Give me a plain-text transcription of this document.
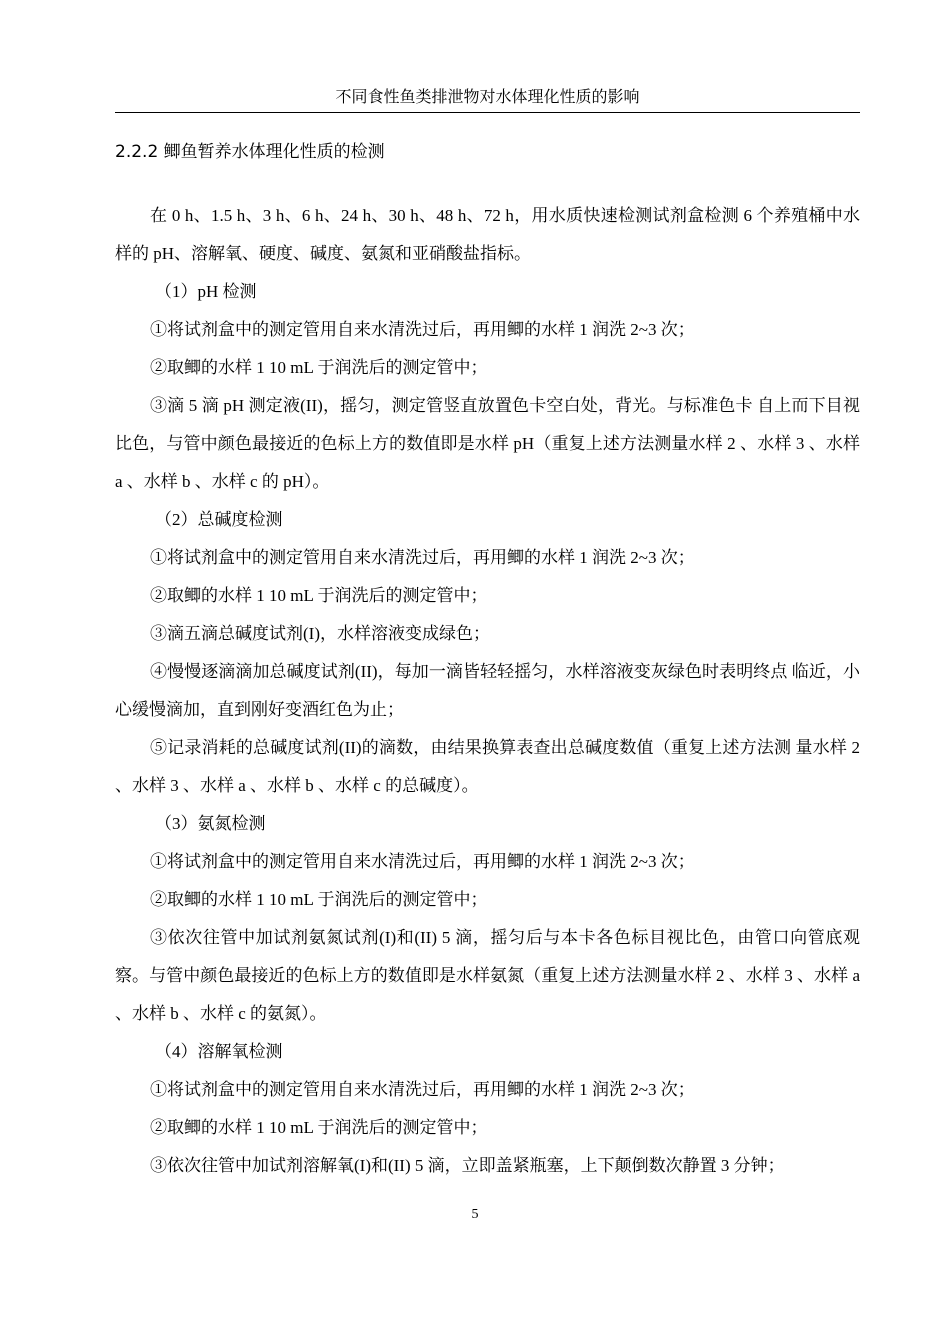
不同食性鱼类排泄物对水体理化性质的影响
2.2.2 鲫鱼暂养水体理化性质的检测

在 0 h、1.5 h、3 h、6 h、24 h、30 h、48 h、72 h，用水质快速检测试剂盒检测 6 个养殖桶中水样的 pH、溶解氧、硬度、碱度、氨氮和亚硝酸盐指标。

（1）pH 检测

①将试剂盒中的测定管用自来水清洗过后，再用鲫的水样 1 润洗 2~3 次；

②取鲫的水样 1 10 mL 于润洗后的测定管中；

③滴 5 滴 pH 测定液(II)，摇匀，测定管竖直放置色卡空白处，背光。与标准色卡 自上而下目视比色，与管中颜色最接近的色标上方的数值即是水样 pH（重复上述方法测量水样 2 、水样 3 、水样 a 、水样 b 、水样 c 的 pH）。

（2）总碱度检测

①将试剂盒中的测定管用自来水清洗过后，再用鲫的水样 1 润洗 2~3 次；

②取鲫的水样 1 10 mL 于润洗后的测定管中；

③滴五滴总碱度试剂(I)，水样溶液变成绿色；

④慢慢逐滴滴加总碱度试剂(II)，每加一滴皆轻轻摇匀，水样溶液变灰绿色时表明终点 临近，小心缓慢滴加，直到刚好变酒红色为止；

⑤记录消耗的总碱度试剂(II)的滴数，由结果换算表查出总碱度数值（重复上述方法测 量水样 2 、水样 3 、水样 a 、水样 b 、水样 c 的总碱度）。

（3）氨氮检测

①将试剂盒中的测定管用自来水清洗过后，再用鲫的水样 1 润洗 2~3 次；

②取鲫的水样 1 10 mL 于润洗后的测定管中；

③依次往管中加试剂氨氮试剂(I)和(II) 5 滴，摇匀后与本卡各色标目视比色，由管口向管底观察。与管中颜色最接近的色标上方的数值即是水样氨氮（重复上述方法测量水样 2 、水样 3 、水样 a 、水样 b 、水样 c 的氨氮）。

（4）溶解氧检测

①将试剂盒中的测定管用自来水清洗过后，再用鲫的水样 1 润洗 2~3 次；

②取鲫的水样 1 10 mL 于润洗后的测定管中；

③依次往管中加试剂溶解氧(I)和(II) 5 滴，立即盖紧瓶塞，上下颠倒数次静置 3 分钟；

5
